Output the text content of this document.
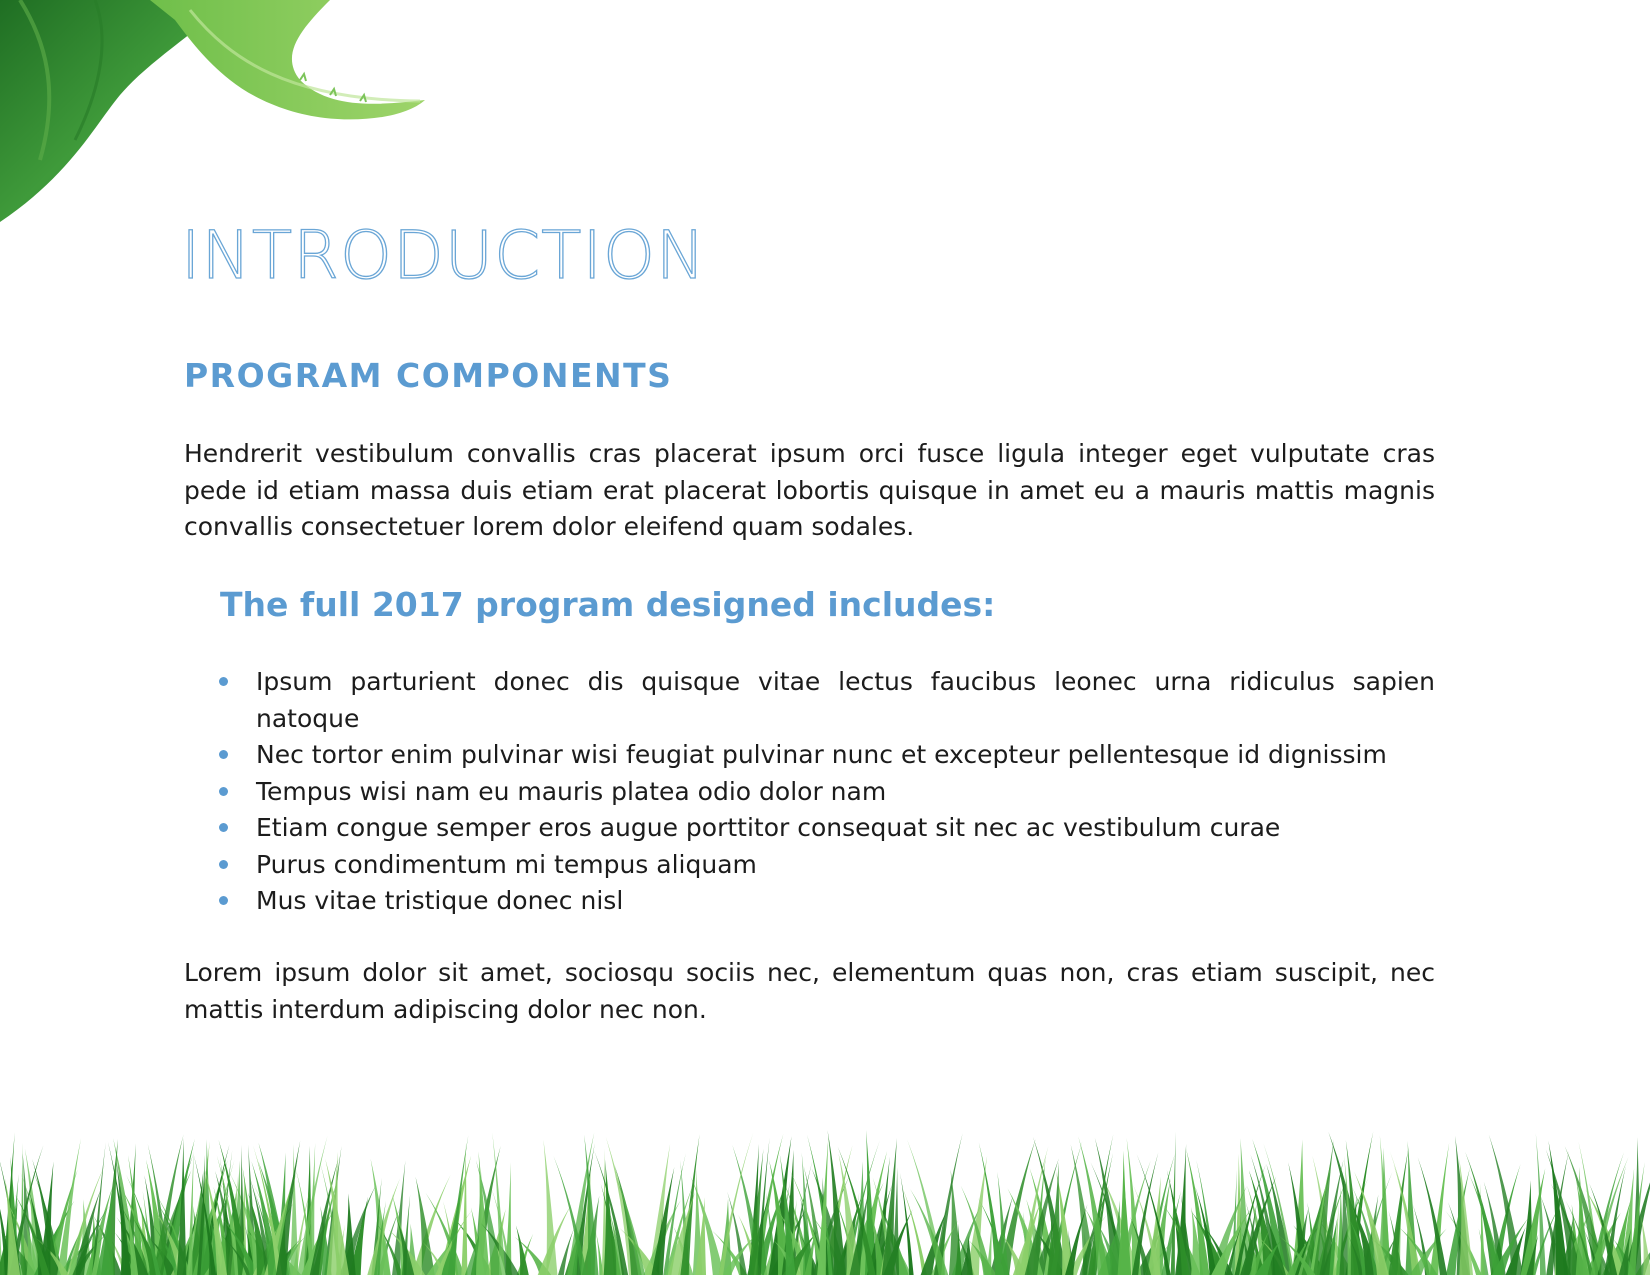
INTRODUCTION
PROGRAM COMPONENTS

Hendrerit vestibulum convallis cras placerat ipsum orci fusce ligula integer eget vulputate cras pede id etiam massa duis etiam erat placerat lobortis quisque in amet eu a mauris mattis magnis convallis consectetuer lorem dolor eleifend quam sodales.

The full 2017 program designed includes:
Ipsum parturient donec dis quisque vitae lectus faucibus leonec urna ridiculus sapien natoque
Nec tortor enim pulvinar wisi feugiat pulvinar nunc et excepteur pellentesque id dignissim
Tempus wisi nam eu mauris platea odio dolor nam
Etiam congue semper eros augue porttitor consequat sit nec ac vestibulum curae
Purus condimentum mi tempus aliquam
Mus vitae tristique donec nisl

Lorem ipsum dolor sit amet, sociosqu sociis nec, elementum quas non, cras etiam suscipit, nec mattis interdum adipiscing dolor nec non.
